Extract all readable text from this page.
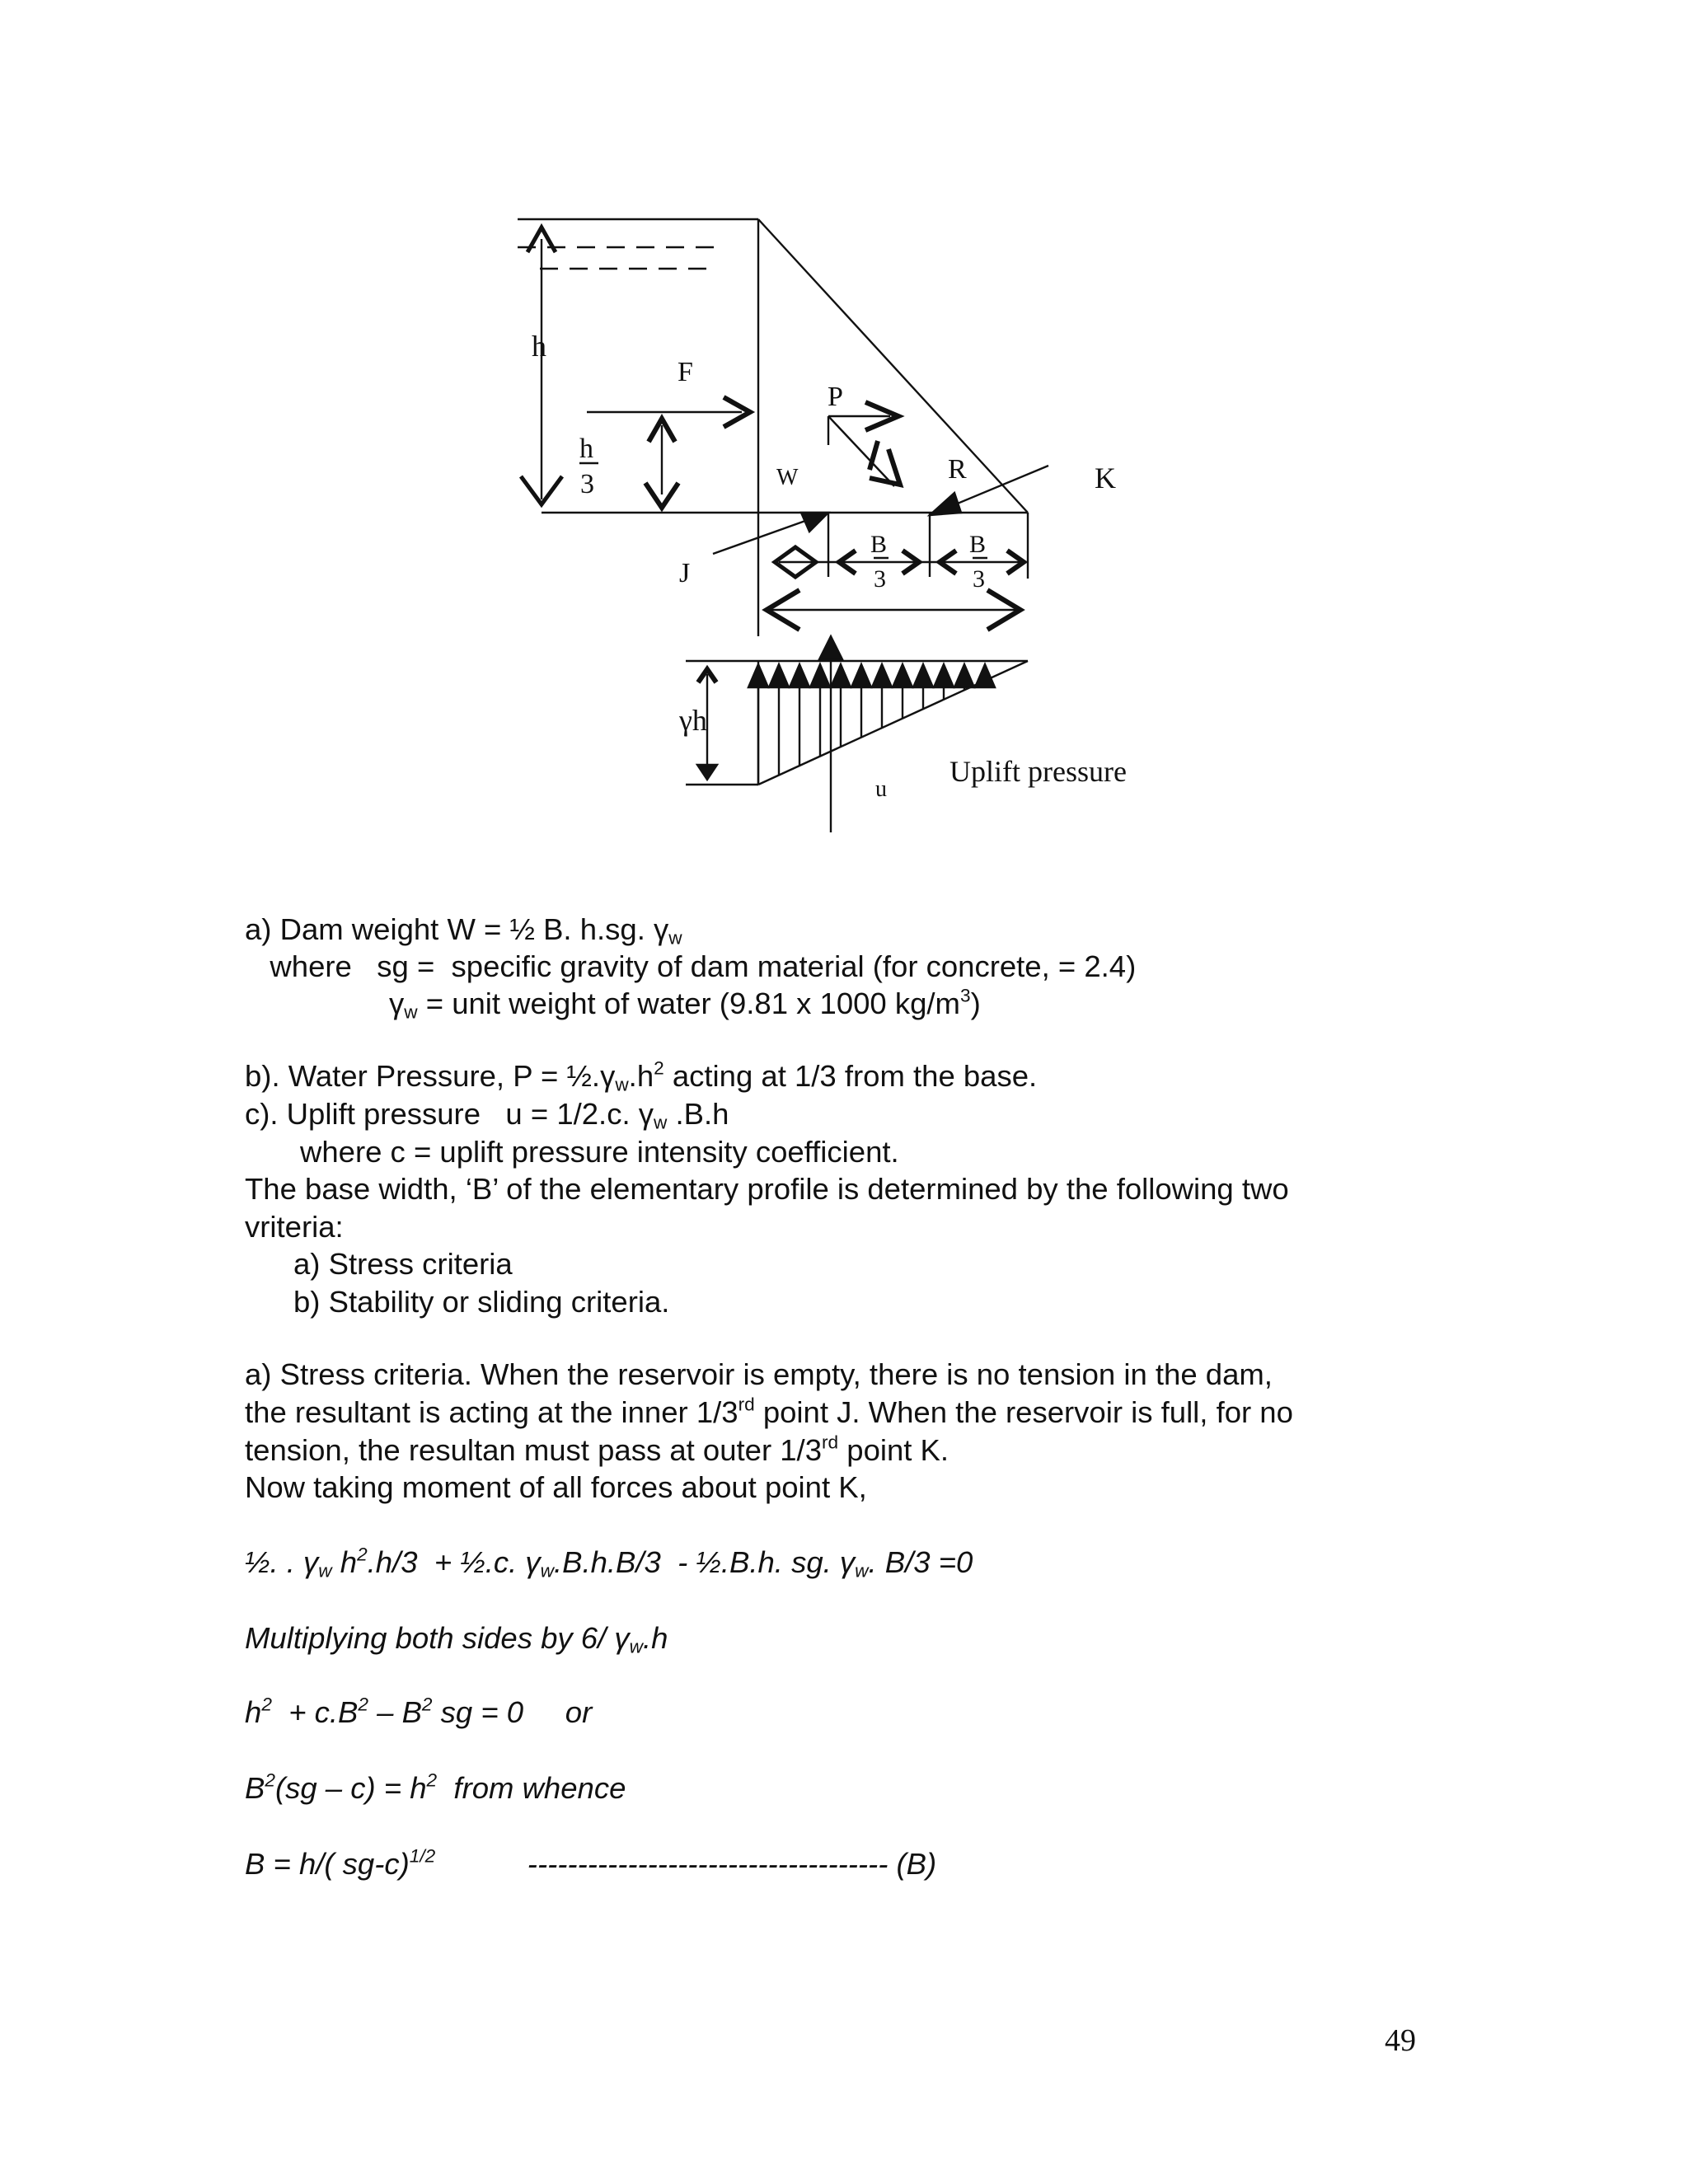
h
F
h
3
P
W	R	K
J
B
3
B
3
γh
u
Uplift pressure
a) Dam weight W = ½ B. h.sg. $\gamma_w$
where   sg =  specific gravity of dam material (for concrete, = 2.4)
$\gamma_w$ = unit weight of water (9.81 x 1000 $kg/m^3$)
b). Water Pressure, $P = \frac{1}{2}.\gamma_w.h^2$ acting at 1/3 from the base.
c). Uplift pressure   u = 1/2.c. $\gamma_w$ .B.h
where c = uplift pressure intensity coefficient.
The base width, ‘B’ of the elementary profile is determined by the following two
vriteria:
a) Stress criteria
b) Stability or sliding criteria.
a) Stress criteria. When the reservoir is empty, there is no tension in the dam,
the resultant is acting at the inner 1/3rd point J. When the reservoir is full, for no
tension, the resultan must pass at outer 1/3rd point K.
Now taking moment of all forces about point K,
½. . $\gamma_w$ $h^2.h/3$  + ½.c. $\gamma_w.B.h.B/3$  - ½.B.h. sg. $\gamma_w$. B/3 =0
Multiplying both sides by 6/ $\gamma_w.h$
$h^2 + c.B^2 - B^2$ sg = 0     or
$B^2(sg - c) = h^2$  from whence
B = h/( sg-c)$^{1/2}$           ------------------------------------ (B)
49
